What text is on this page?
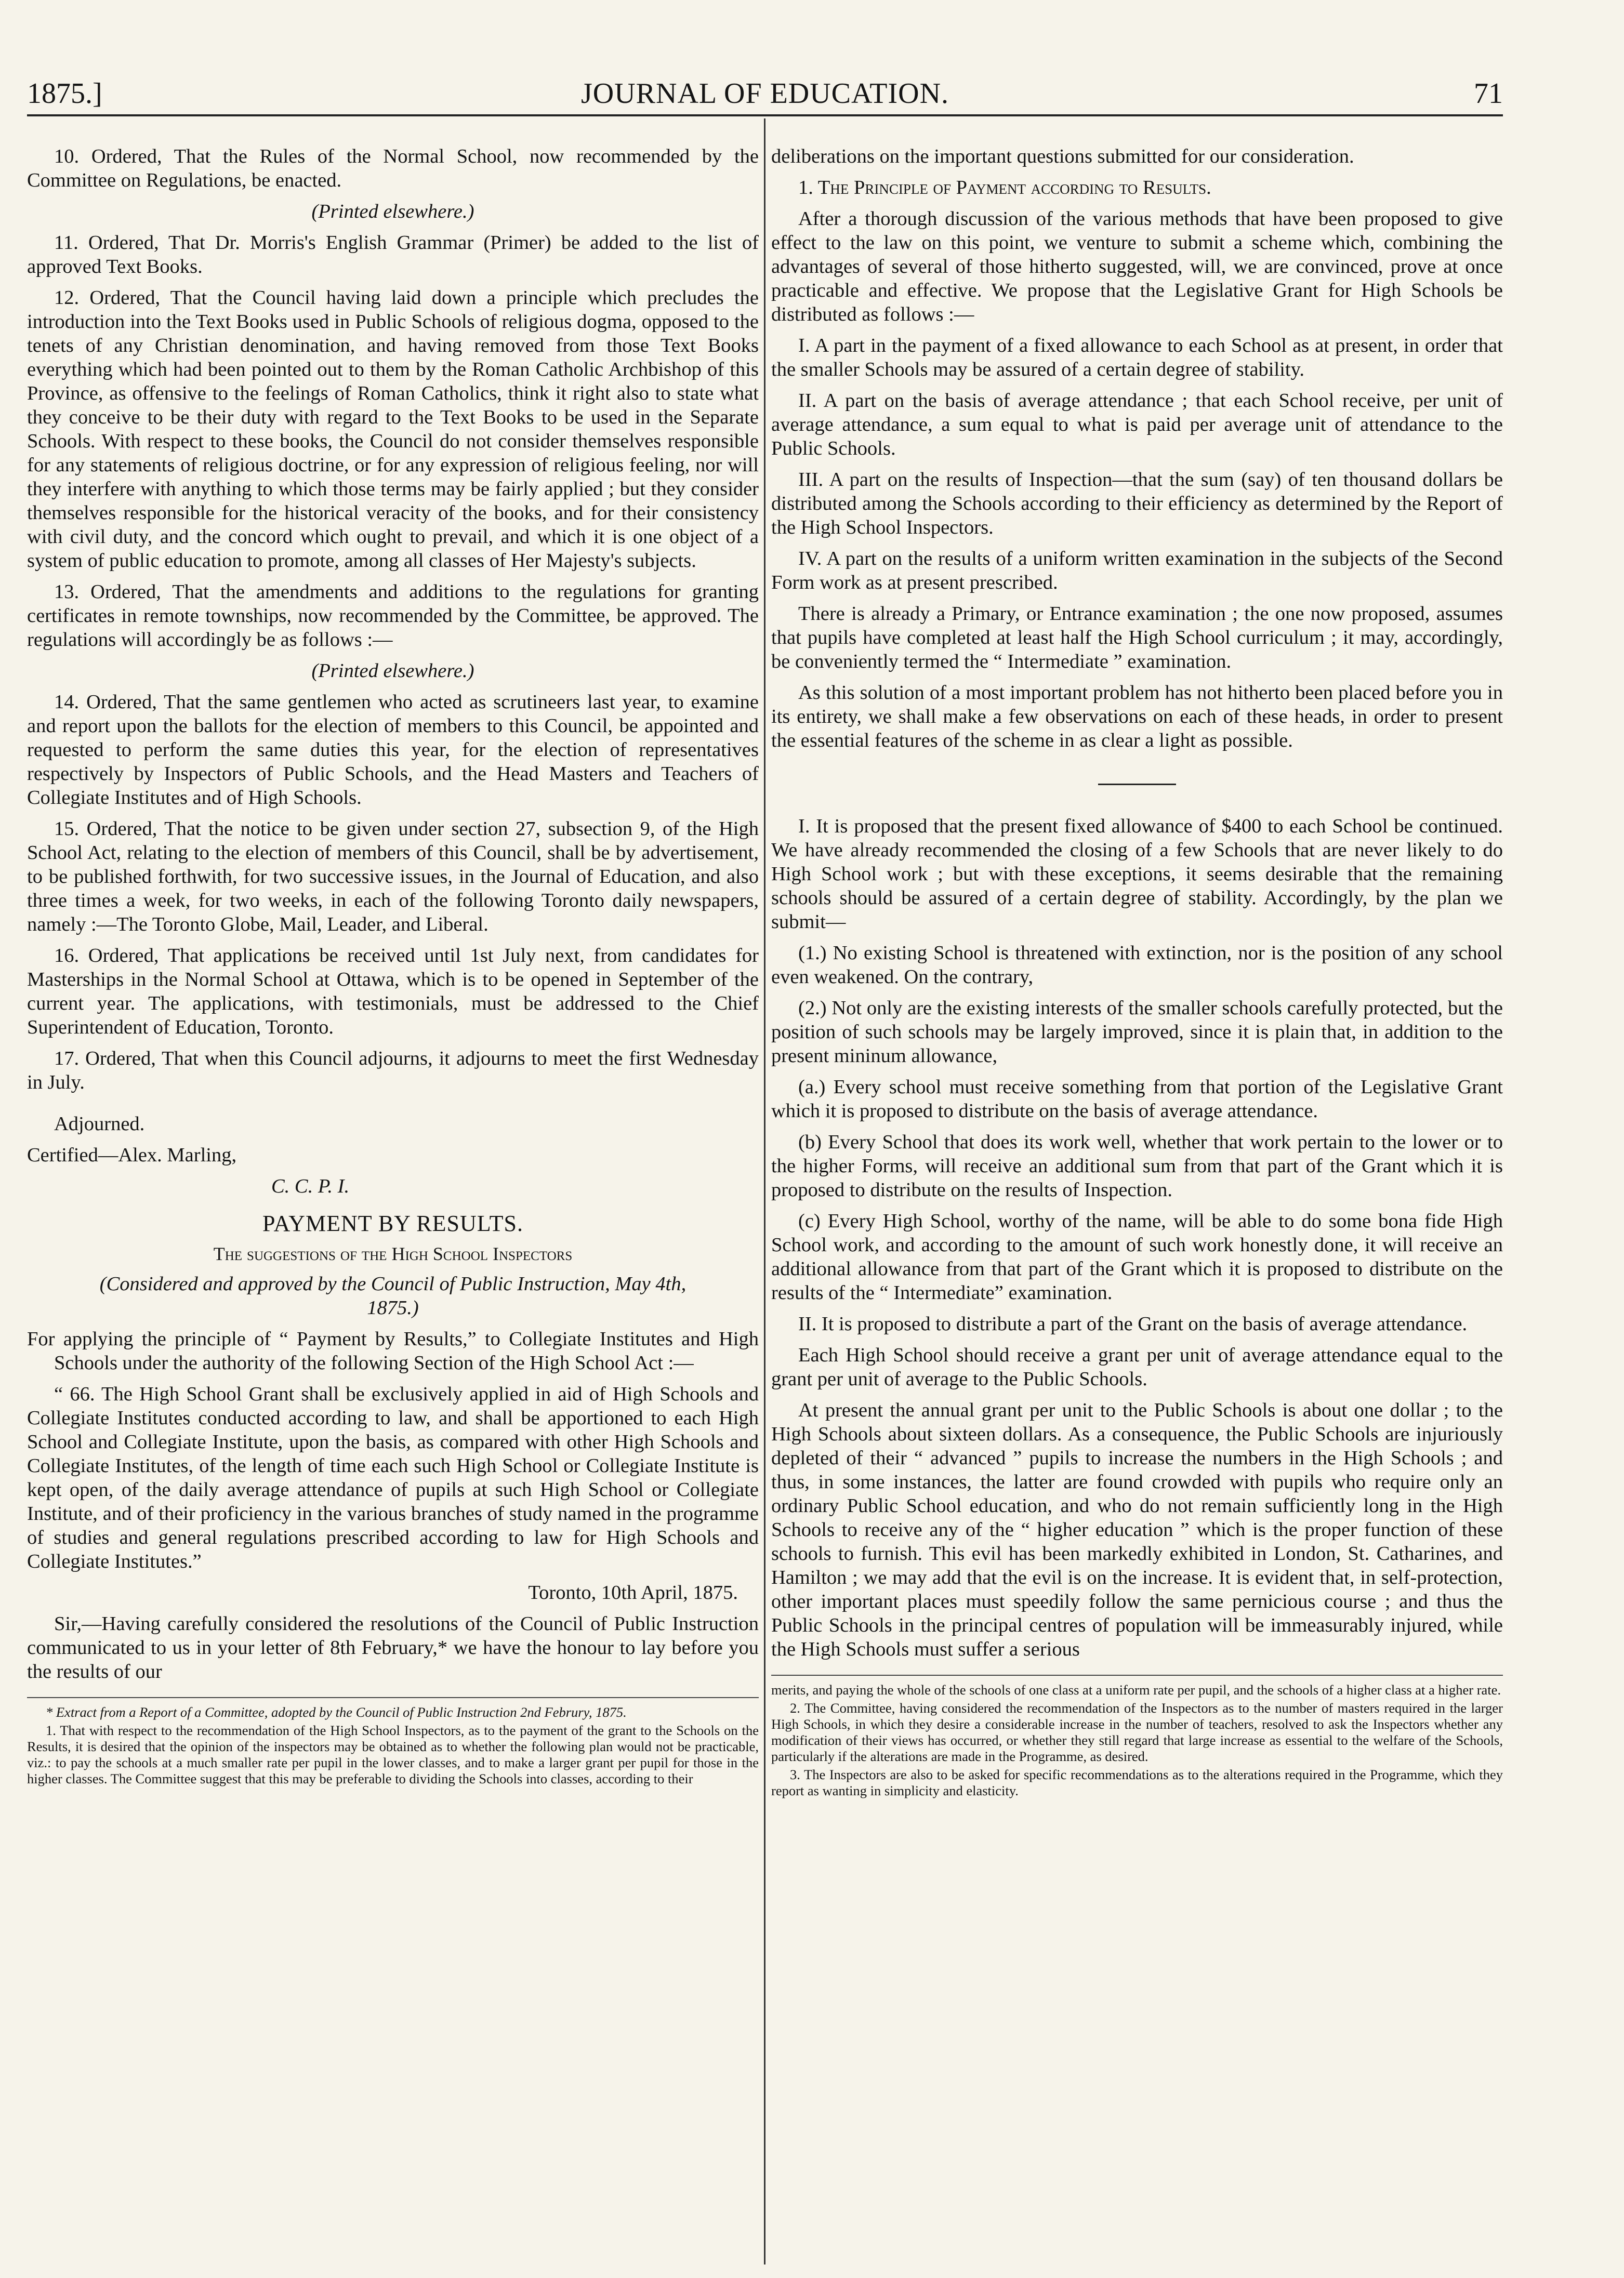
1875.]	JOURNAL OF EDUCATION.	71

10. Ordered, That the Rules of the Normal School, now recommended by the Committee on Regulations, be enacted.

(Printed elsewhere.)

11. Ordered, That Dr. Morris's English Grammar (Primer) be added to the list of approved Text Books.

12. Ordered, That the Council having laid down a principle which precludes the introduction into the Text Books used in Public Schools of religious dogma, opposed to the tenets of any Christian denomination, and having removed from those Text Books everything which had been pointed out to them by the Roman Catholic Archbishop of this Province, as offensive to the feelings of Roman Catholics, think it right also to state what they conceive to be their duty with regard to the Text Books to be used in the Separate Schools. With respect to these books, the Council do not consider themselves responsible for any statements of religious doctrine, or for any expression of religious feeling, nor will they interfere with anything to which those terms may be fairly applied ; but they consider themselves responsible for the historical veracity of the books, and for their consistency with civil duty, and the concord which ought to prevail, and which it is one object of a system of public education to promote, among all classes of Her Majesty's subjects.

13. Ordered, That the amendments and additions to the regulations for granting certificates in remote townships, now recommended by the Committee, be approved. The regulations will accordingly be as follows :—

(Printed elsewhere.)

14. Ordered, That the same gentlemen who acted as scrutineers last year, to examine and report upon the ballots for the election of members to this Council, be appointed and requested to perform the same duties this year, for the election of representatives respectively by Inspectors of Public Schools, and the Head Masters and Teachers of Collegiate Institutes and of High Schools.

15. Ordered, That the notice to be given under section 27, subsection 9, of the High School Act, relating to the election of members of this Council, shall be by advertisement, to be published forthwith, for two successive issues, in the Journal of Education, and also three times a week, for two weeks, in each of the following Toronto daily newspapers, namely :—The Toronto Globe, Mail, Leader, and Liberal.

16. Ordered, That applications be received until 1st July next, from candidates for Masterships in the Normal School at Ottawa, which is to be opened in September of the current year. The applications, with testimonials, must be addressed to the Chief Superintendent of Education, Toronto.

17. Ordered, That when this Council adjourns, it adjourns to meet the first Wednesday in July.

Adjourned.

Certified—Alex. Marling,

C. C. P. I.

PAYMENT BY RESULTS.
The suggestions of the High School Inspectors

(Considered and approved by the Council of Public Instruction, May 4th, 1875.)

For applying the principle of “ Payment by Results,” to Collegiate Institutes and High Schools under the authority of the following Section of the High School Act :—

“ 66. The High School Grant shall be exclusively applied in aid of High Schools and Collegiate Institutes conducted according to law, and shall be apportioned to each High School and Collegiate Institute, upon the basis, as compared with other High Schools and Collegiate Institutes, of the length of time each such High School or Collegiate Institute is kept open, of the daily average attendance of pupils at such High School or Collegiate Institute, and of their proficiency in the various branches of study named in the programme of studies and general regulations prescribed according to law for High Schools and Collegiate Institutes.”

Toronto, 10th April, 1875.

Sir,—Having carefully considered the resolutions of the Council of Public Instruction communicated to us in your letter of 8th February,* we have the honour to lay before you the results of our

* Extract from a Report of a Committee, adopted by the Council of Public Instruction 2nd Februry, 1875.

1. That with respect to the recommendation of the High School Inspectors, as to the payment of the grant to the Schools on the Results, it is desired that the opinion of the inspectors may be obtained as to whether the following plan would not be practicable, viz.: to pay the schools at a much smaller rate per pupil in the lower classes, and to make a larger grant per pupil for those in the higher classes. The Committee suggest that this may be preferable to dividing the Schools into classes, according to their

deliberations on the important questions submitted for our consideration.

1. The Principle of Payment according to Results.

After a thorough discussion of the various methods that have been proposed to give effect to the law on this point, we venture to submit a scheme which, combining the advantages of several of those hitherto suggested, will, we are convinced, prove at once practicable and effective. We propose that the Legislative Grant for High Schools be distributed as follows :—

I. A part in the payment of a fixed allowance to each School as at present, in order that the smaller Schools may be assured of a certain degree of stability.

II. A part on the basis of average attendance ; that each School receive, per unit of average attendance, a sum equal to what is paid per average unit of attendance to the Public Schools.

III. A part on the results of Inspection—that the sum (say) of ten thousand dollars be distributed among the Schools according to their efficiency as determined by the Report of the High School Inspectors.

IV. A part on the results of a uniform written examination in the subjects of the Second Form work as at present prescribed.

There is already a Primary, or Entrance examination ; the one now proposed, assumes that pupils have completed at least half the High School curriculum ; it may, accordingly, be conveniently termed the “ Intermediate ” examination.

As this solution of a most important problem has not hitherto been placed before you in its entirety, we shall make a few observations on each of these heads, in order to present the essential features of the scheme in as clear a light as possible.

I. It is proposed that the present fixed allowance of $400 to each School be continued. We have already recommended the closing of a few Schools that are never likely to do High School work ; but with these exceptions, it seems desirable that the remaining schools should be assured of a certain degree of stability. Accordingly, by the plan we submit—

(1.) No existing School is threatened with extinction, nor is the position of any school even weakened. On the contrary,

(2.) Not only are the existing interests of the smaller schools carefully protected, but the position of such schools may be largely improved, since it is plain that, in addition to the present mininum allowance,

(a.) Every school must receive something from that portion of the Legislative Grant which it is proposed to distribute on the basis of average attendance.

(b) Every School that does its work well, whether that work pertain to the lower or to the higher Forms, will receive an additional sum from that part of the Grant which it is proposed to distribute on the results of Inspection.

(c) Every High School, worthy of the name, will be able to do some bona fide High School work, and according to the amount of such work honestly done, it will receive an additional allowance from that part of the Grant which it is proposed to distribute on the results of the “ Intermediate” examination.

II. It is proposed to distribute a part of the Grant on the basis of average attendance.

Each High School should receive a grant per unit of average attendance equal to the grant per unit of average to the Public Schools.

At present the annual grant per unit to the Public Schools is about one dollar ; to the High Schools about sixteen dollars. As a consequence, the Public Schools are injuriously depleted of their “ advanced ” pupils to increase the numbers in the High Schools ; and thus, in some instances, the latter are found crowded with pupils who require only an ordinary Public School education, and who do not remain sufficiently long in the High Schools to receive any of the “ higher education ” which is the proper function of these schools to furnish. This evil has been markedly exhibited in London, St. Catharines, and Hamilton ; we may add that the evil is on the increase. It is evident that, in self-protection, other important places must speedily follow the same pernicious course ; and thus the Public Schools in the principal centres of population will be immeasurably injured, while the High Schools must suffer a serious

merits, and paying the whole of the schools of one class at a uniform rate per pupil, and the schools of a higher class at a higher rate.

2. The Committee, having considered the recommendation of the Inspectors as to the number of masters required in the larger High Schools, in which they desire a considerable increase in the number of teachers, resolved to ask the Inspectors whether any modification of their views has occurred, or whether they still regard that large increase as essential to the welfare of the Schools, particularly if the alterations are made in the Programme, as desired.

3. The Inspectors are also to be asked for specific recommendations as to the alterations required in the Programme, which they report as wanting in simplicity and elasticity.
